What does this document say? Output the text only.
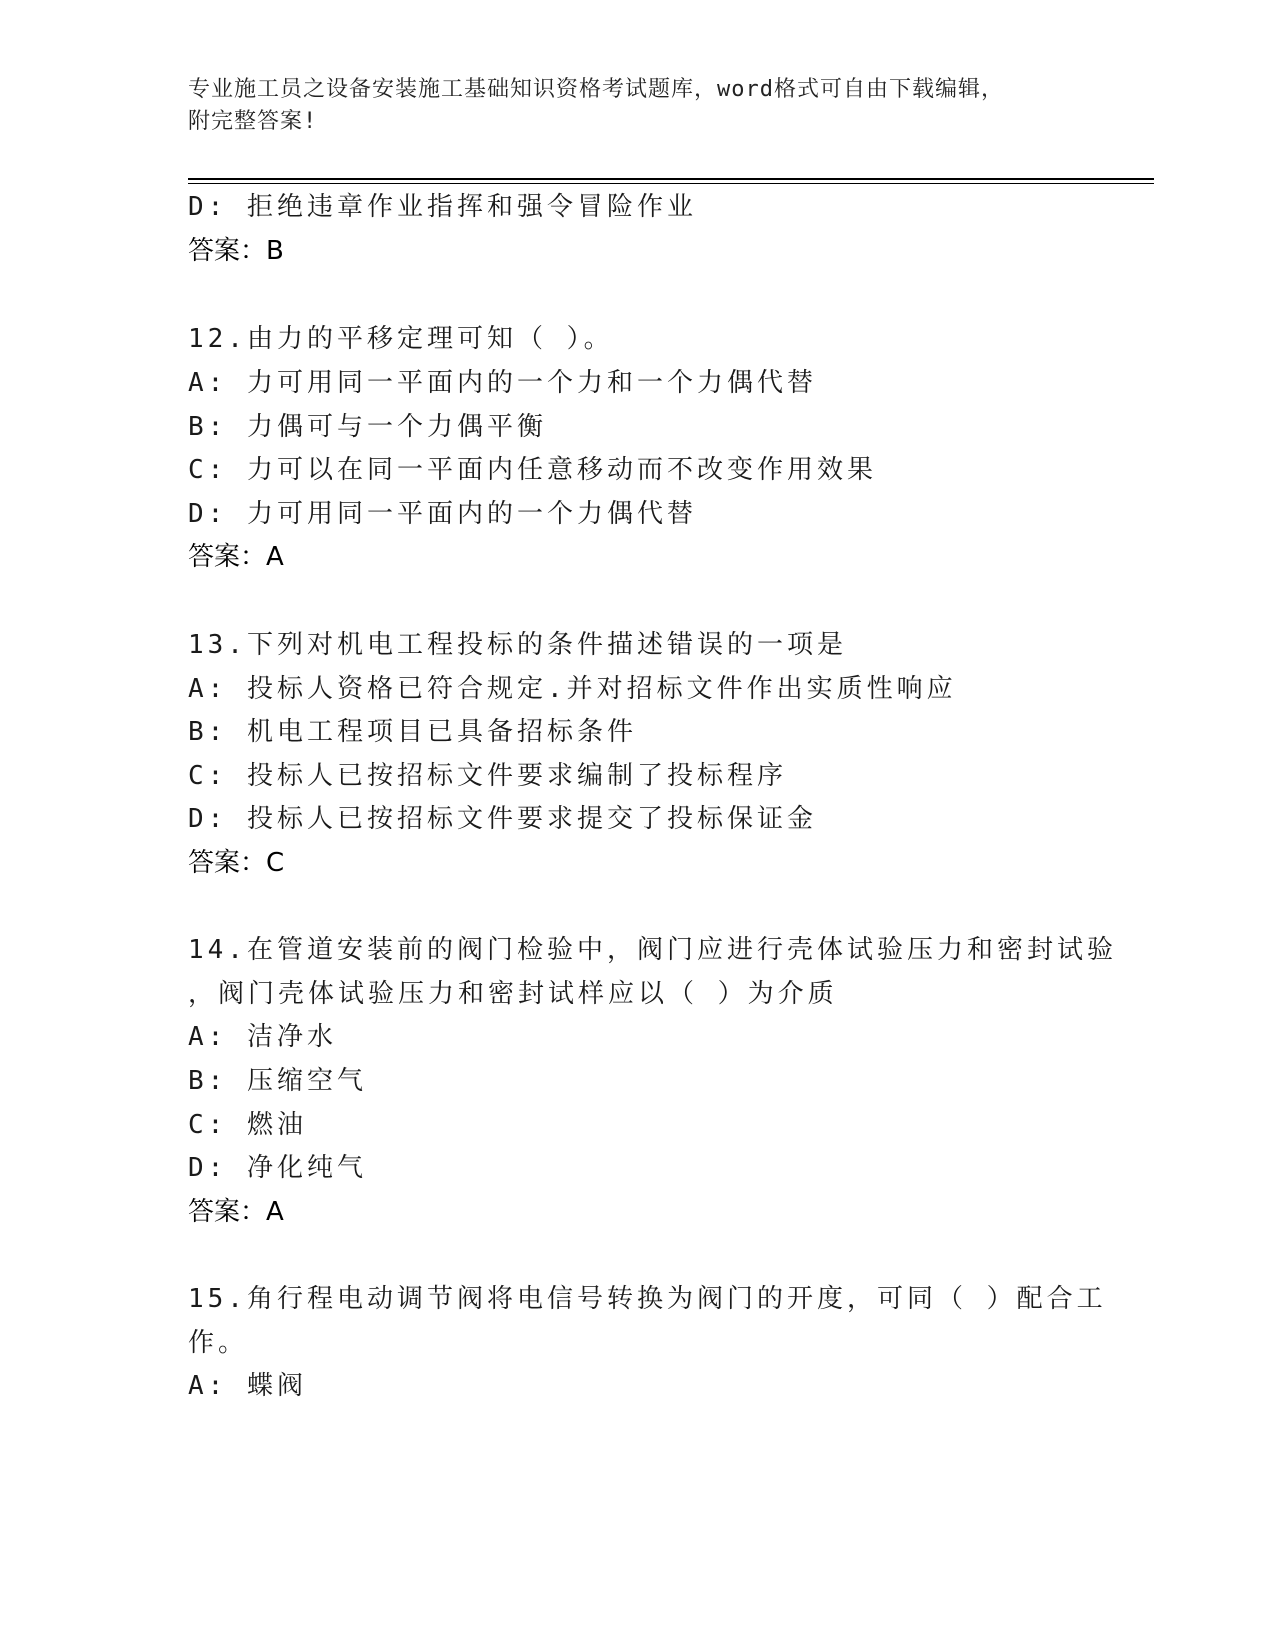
专业施工员之设备安装施工基础知识资格考试题库，word格式可自由下载编辑，
附完整答案!
D: 拒绝违章作业指挥和强令冒险作业
答案：B
12.由力的平移定理可知（ ）。
A: 力可用同一平面内的一个力和一个力偶代替
B: 力偶可与一个力偶平衡
C: 力可以在同一平面内任意移动而不改变作用效果
D: 力可用同一平面内的一个力偶代替
答案：A
13.下列对机电工程投标的条件描述错误的一项是
A: 投标人资格已符合规定.并对招标文件作出实质性响应
B: 机电工程项目已具备招标条件
C: 投标人已按招标文件要求编制了投标程序
D: 投标人已按招标文件要求提交了投标保证金
答案：C
14.在管道安装前的阀门检验中，阀门应进行壳体试验压力和密封试验
，阀门壳体试验压力和密封试样应以（ ）为介质
A: 洁净水
B: 压缩空气
C: 燃油
D: 净化纯气
答案：A
15.角行程电动调节阀将电信号转换为阀门的开度，可同（ ）配合工
作。
A: 蝶阀
